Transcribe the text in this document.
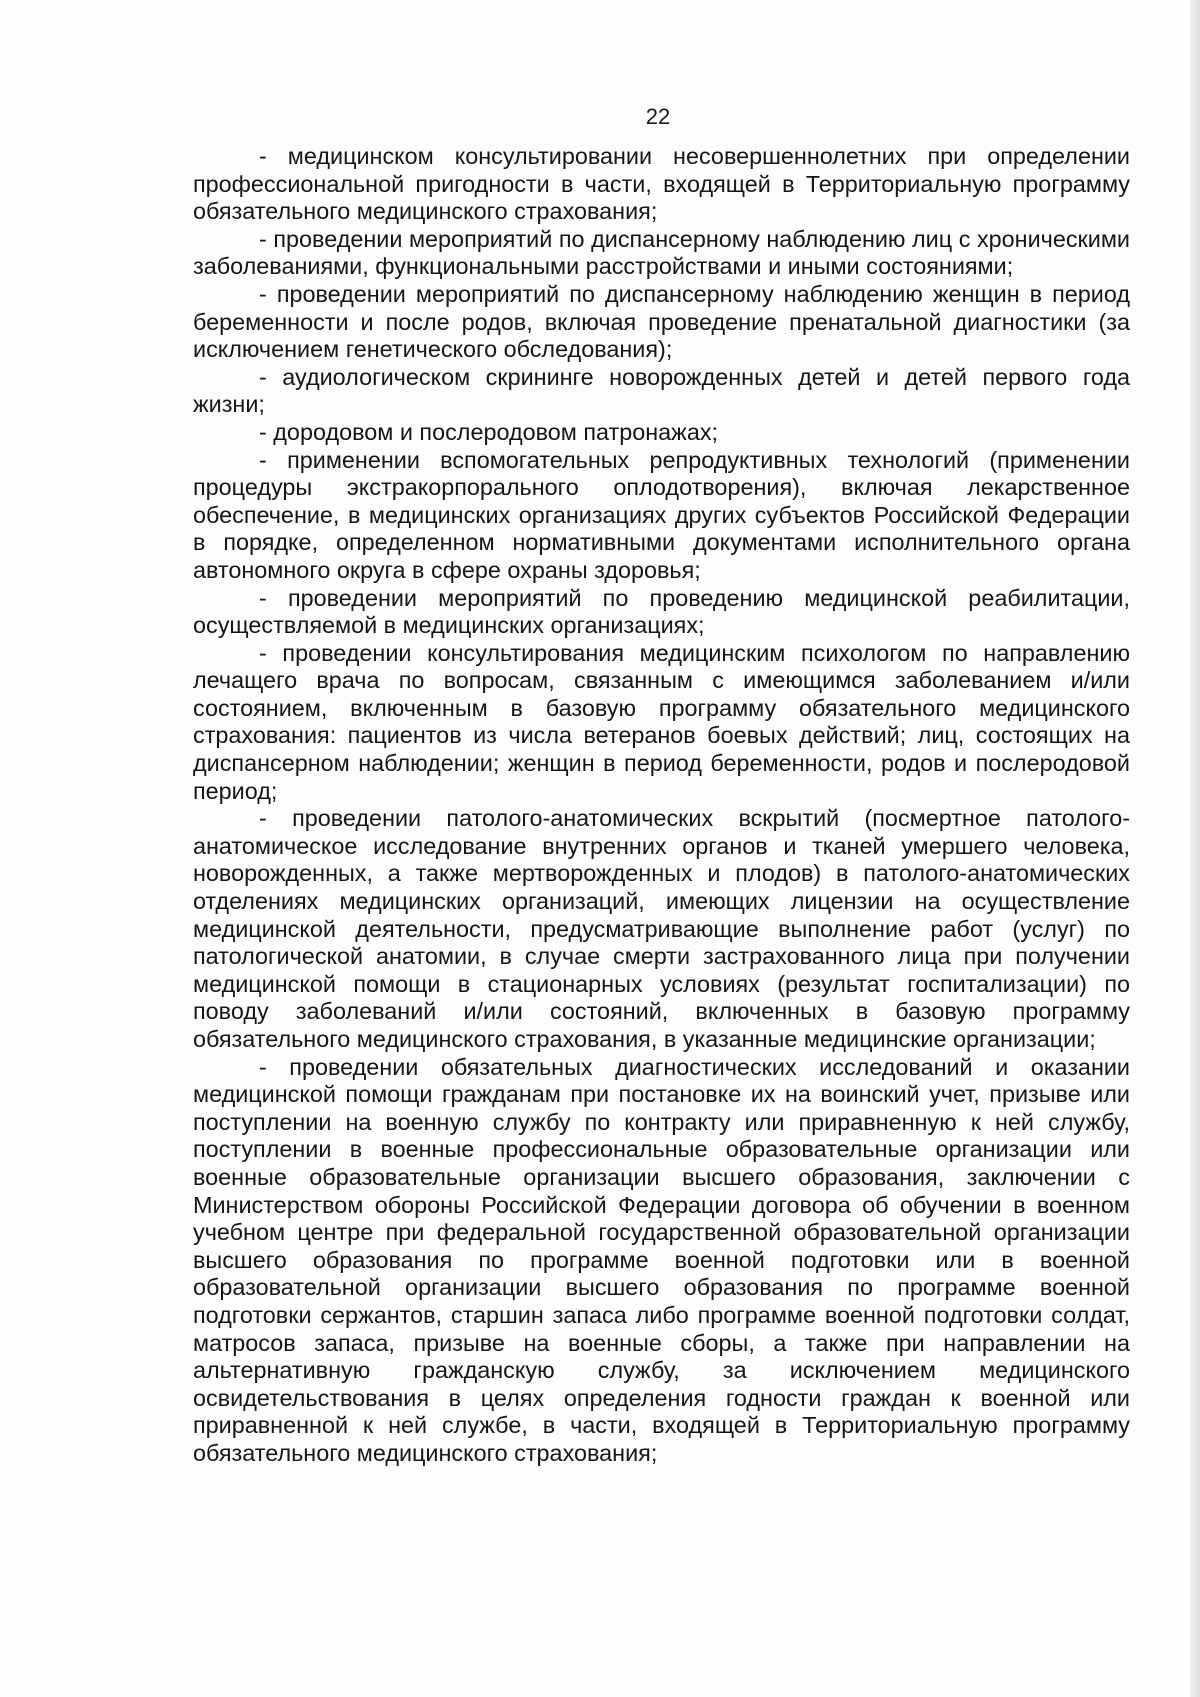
22

- медицинском консультировании несовершеннолетних при определении профессиональной пригодности в части, входящей в Территориальную программу обязательного медицинского страхования;

- проведении мероприятий по диспансерному наблюдению лиц с хроническими заболеваниями, функциональными расстройствами и иными состояниями;

- проведении мероприятий по диспансерному наблюдению женщин в период беременности и после родов, включая проведение пренатальной диагностики (за исключением генетического обследования);

- аудиологическом скрининге новорожденных детей и детей первого года жизни;

- дородовом и послеродовом патронажах;

- применении вспомогательных репродуктивных технологий (применении процедуры экстракорпорального оплодотворения), включая лекарственное обеспечение, в медицинских организациях других субъектов Российской Федерации в порядке, определенном нормативными документами исполнительного органа автономного округа в сфере охраны здоровья;

- проведении мероприятий по проведению медицинской реабилитации, осуществляемой в медицинских организациях;

- проведении консультирования медицинским психологом по направлению лечащего врача по вопросам, связанным с имеющимся заболеванием и/или состоянием, включенным в базовую программу обязательного медицинского страхования: пациентов из числа ветеранов боевых действий; лиц, состоящих на диспансерном наблюдении; женщин в период беременности, родов и послеродовой период;

- проведении патолого-анатомических вскрытий (посмертное патолого-анатомическое исследование внутренних органов и тканей умершего человека, новорожденных, а также мертворожденных и плодов) в патолого-анатомических отделениях медицинских организаций, имеющих лицензии на осуществление медицинской деятельности, предусматривающие выполнение работ (услуг) по патологической анатомии, в случае смерти застрахованного лица при получении медицинской помощи в стационарных условиях (результат госпитализации) по поводу заболеваний и/или состояний, включенных в базовую программу обязательного медицинского страхования, в указанные медицинские организации;

- проведении обязательных диагностических исследований и оказании медицинской помощи гражданам при постановке их на воинский учет, призыве или поступлении на военную службу по контракту или приравненную к ней службу, поступлении в военные профессиональные образовательные организации или военные образовательные организации высшего образования, заключении с Министерством обороны Российской Федерации договора об обучении в военном учебном центре при федеральной государственной образовательной организации высшего образования по программе военной подготовки или в военной образовательной организации высшего образования по программе военной подготовки сержантов, старшин запаса либо программе военной подготовки солдат, матросов запаса, призыве на военные сборы, а также при направлении на альтернативную гражданскую службу, за исключением медицинского освидетельствования в целях определения годности граждан к военной или приравненной к ней службе, в части, входящей в Территориальную программу обязательного медицинского страхования;
